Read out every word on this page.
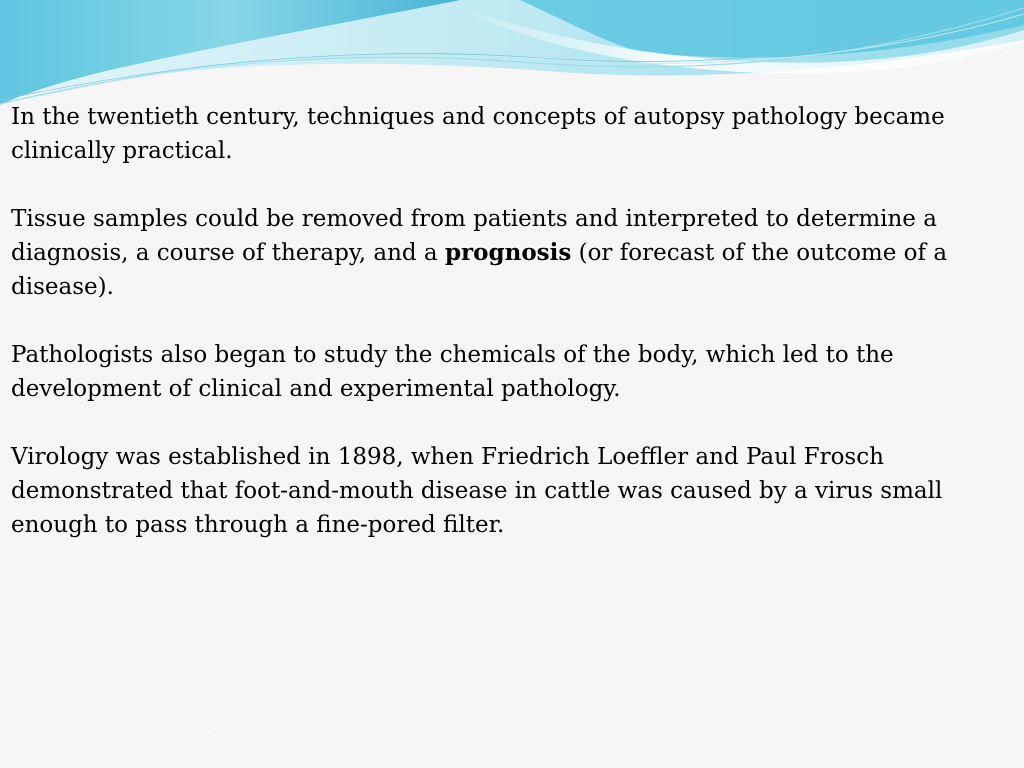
In the twentieth century, techniques and concepts of autopsy pathology became clinically practical.

Tissue samples could be removed from patients and interpreted to determine a diagnosis, a course of therapy, and a prognosis (or forecast of the outcome of a disease).

Pathologists also began to study the chemicals of the body, which led to the development of clinical and experimental pathology.

Virology was established in 1898, when Friedrich Loeffler and Paul Frosch demonstrated that foot-and-mouth disease in cattle was caused by a virus small enough to pass through a fine-pored filter.
